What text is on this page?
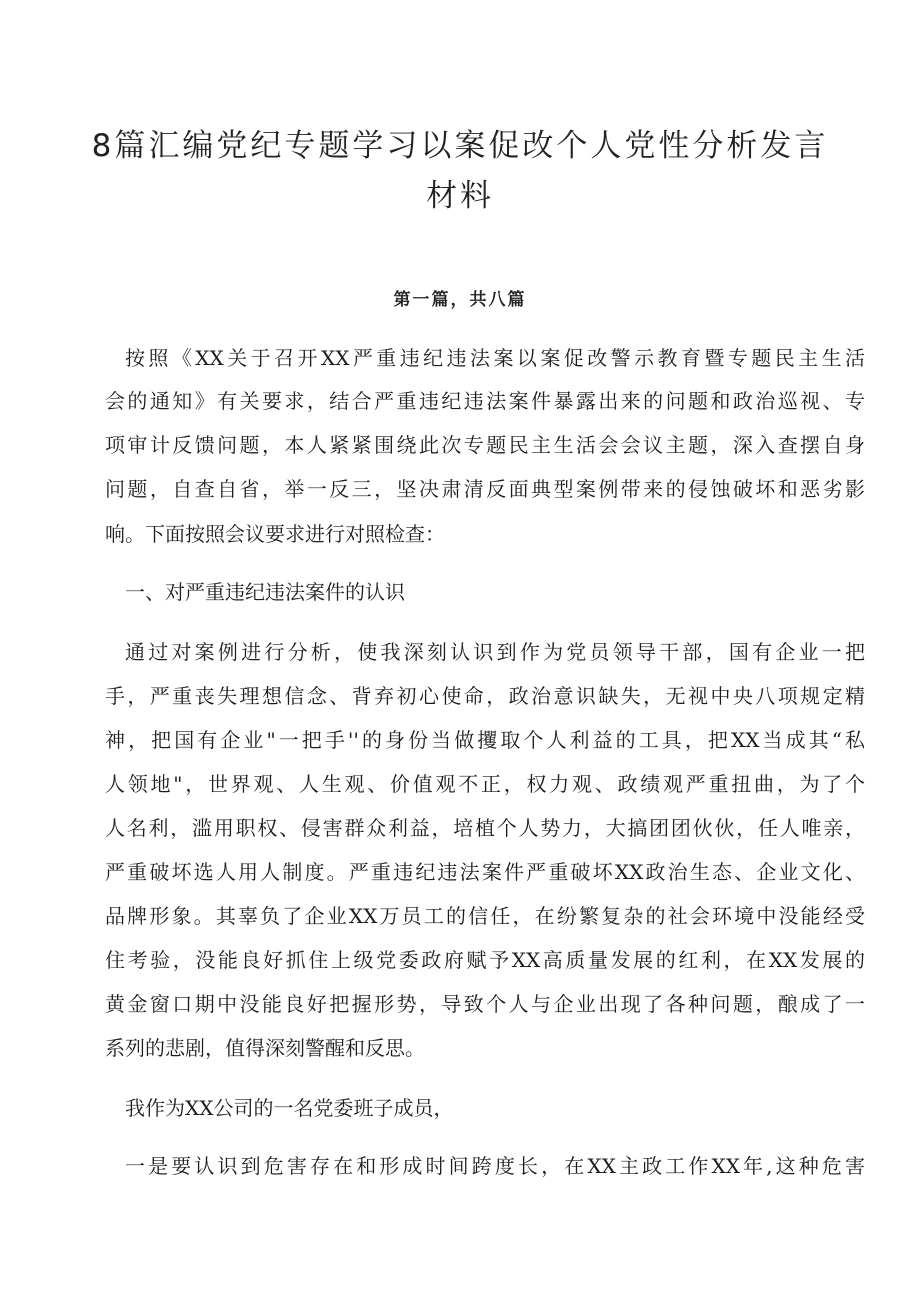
8篇汇编党纪专题学习以案促改个人党性分析发言
材料
第一篇，共八篇
按照《XX关于召开XX严重违纪违法案以案促改警示教育暨专题民主生活
会的通知》有关要求，结合严重违纪违法案件暴露出来的问题和政治巡视、专
项审计反馈问题，本人紧紧围绕此次专题民主生活会会议主题，深入查摆自身
问题，自查自省，举一反三，坚决肃清反面典型案例带来的侵蚀破坏和恶劣影
响。下面按照会议要求进行对照检查：
一、对严重违纪违法案件的认识
通过对案例进行分析，使我深刻认识到作为党员领导干部，国有企业一把
手，严重丧失理想信念、背弃初心使命，政治意识缺失，无视中央八项规定精
神，把国有企业"一把手''的身份当做攫取个人利益的工具，把XX当成其“私
人领地"，世界观、人生观、价值观不正，权力观、政绩观严重扭曲，为了个
人名利，滥用职权、侵害群众利益，培植个人势力，大搞团团伙伙，任人唯亲，
严重破坏选人用人制度。严重违纪违法案件严重破坏XX政治生态、企业文化、
品牌形象。其辜负了企业XX万员工的信任，在纷繁复杂的社会环境中没能经受
住考验，没能良好抓住上级党委政府赋予XX高质量发展的红利，在XX发展的
黄金窗口期中没能良好把握形势，导致个人与企业出现了各种问题，酿成了一
系列的悲剧，值得深刻警醒和反思。
我作为XX公司的一名党委班子成员，
一是要认识到危害存在和形成时间跨度长，在XX主政工作XX年,这种危害
